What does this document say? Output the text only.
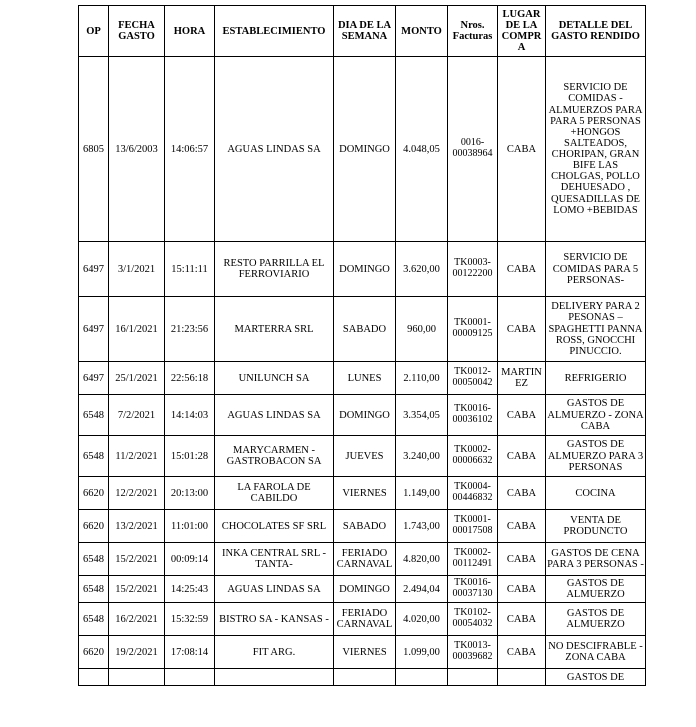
OP	FECHA GASTO	HORA	ESTABLECIMIENTO	DIA DE LA SEMANA	MONTO	Nros. Facturas	LUGAR DE LA COMPRA	DETALLE DEL GASTO RENDIDO
6805	13/6/2003	14:06:57	AGUAS LINDAS SA	DOMINGO	4.048,05	0016-00038964	CABA	SERVICIO DE COMIDAS - ALMUERZOS PARA PARA 5 PERSONAS +HONGOS SALTEADOS, CHORIPAN, GRAN BIFE LAS CHOLGAS, POLLO DEHUESADO , QUESADILLAS DE LOMO +BEBIDAS
6497	3/1/2021	15:11:11	RESTO PARRILLA EL FERROVIARIO	DOMINGO	3.620,00	TK0003-00122200	CABA	SERVICIO DE COMIDAS PARA 5 PERSONAS-
6497	16/1/2021	21:23:56	MARTERRA SRL	SABADO	960,00	TK0001-00009125	CABA	DELIVERY PARA 2 PESONAS – SPAGHETTI PANNA ROSS, GNOCCHI PINUCCIO.
6497	25/1/2021	22:56:18	UNILUNCH SA	LUNES	2.110,00	TK0012-00050042	MARTINEZ	REFRIGERIO
6548	7/2/2021	14:14:03	AGUAS LINDAS SA	DOMINGO	3.354,05	TK0016-00036102	CABA	GASTOS DE ALMUERZO - ZONA CABA
6548	11/2/2021	15:01:28	MARYCARMEN - GASTROBACON SA	JUEVES	3.240,00	TK0002-00006632	CABA	GASTOS DE ALMUERZO PARA 3 PERSONAS
6620	12/2/2021	20:13:00	LA FAROLA DE CABILDO	VIERNES	1.149,00	TK0004-00446832	CABA	COCINA
6620	13/2/2021	11:01:00	CHOCOLATES SF SRL	SABADO	1.743,00	TK0001-00017508	CABA	VENTA DE PRODUNCTO
6548	15/2/2021	00:09:14	INKA CENTRAL SRL - TANTA-	FERIADO CARNAVAL	4.820,00	TK0002-00112491	CABA	GASTOS DE CENA PARA 3 PERSONAS -
6548	15/2/2021	14:25:43	AGUAS LINDAS SA	DOMINGO	2.494,04	TK0016-00037130	CABA	GASTOS DE ALMUERZO
6548	16/2/2021	15:32:59	BISTRO SA - KANSAS -	FERIADO CARNAVAL	4.020,00	TK0102-00054032	CABA	GASTOS DE ALMUERZO
6620	19/2/2021	17:08:14	FIT ARG.	VIERNES	1.099,00	TK0013-00039682	CABA	NO DESCIFRABLE - ZONA CABA
								GASTOS DE
